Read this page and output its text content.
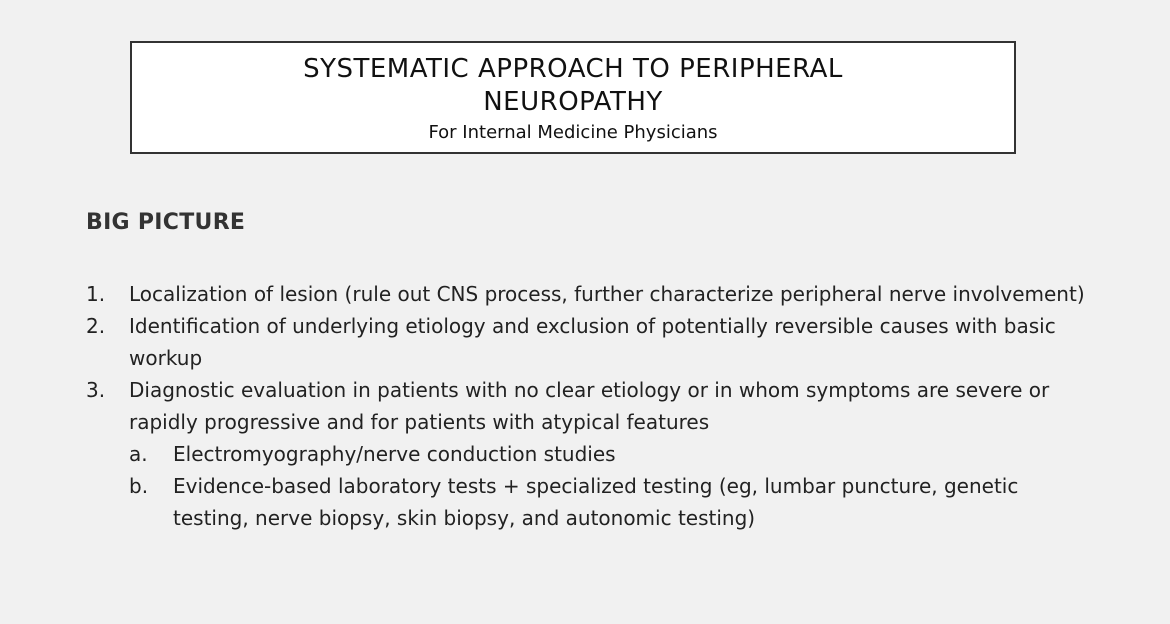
SYSTEMATIC APPROACH TO PERIPHERAL
NEUROPATHY
For Internal Medicine Physicians
BIG PICTURE
1.	Localization of lesion (rule out CNS process, further characterize peripheral nerve involvement)
2.	Identification of underlying etiology and exclusion of potentially reversible causes with basic workup
3.	Diagnostic evaluation in patients with no clear etiology or in whom symptoms are severe or rapidly progressive and for patients with atypical features
a.	Electromyography/nerve conduction studies
b.	Evidence-based laboratory tests + specialized testing (eg, lumbar puncture, genetic testing, nerve biopsy, skin biopsy, and autonomic testing)
